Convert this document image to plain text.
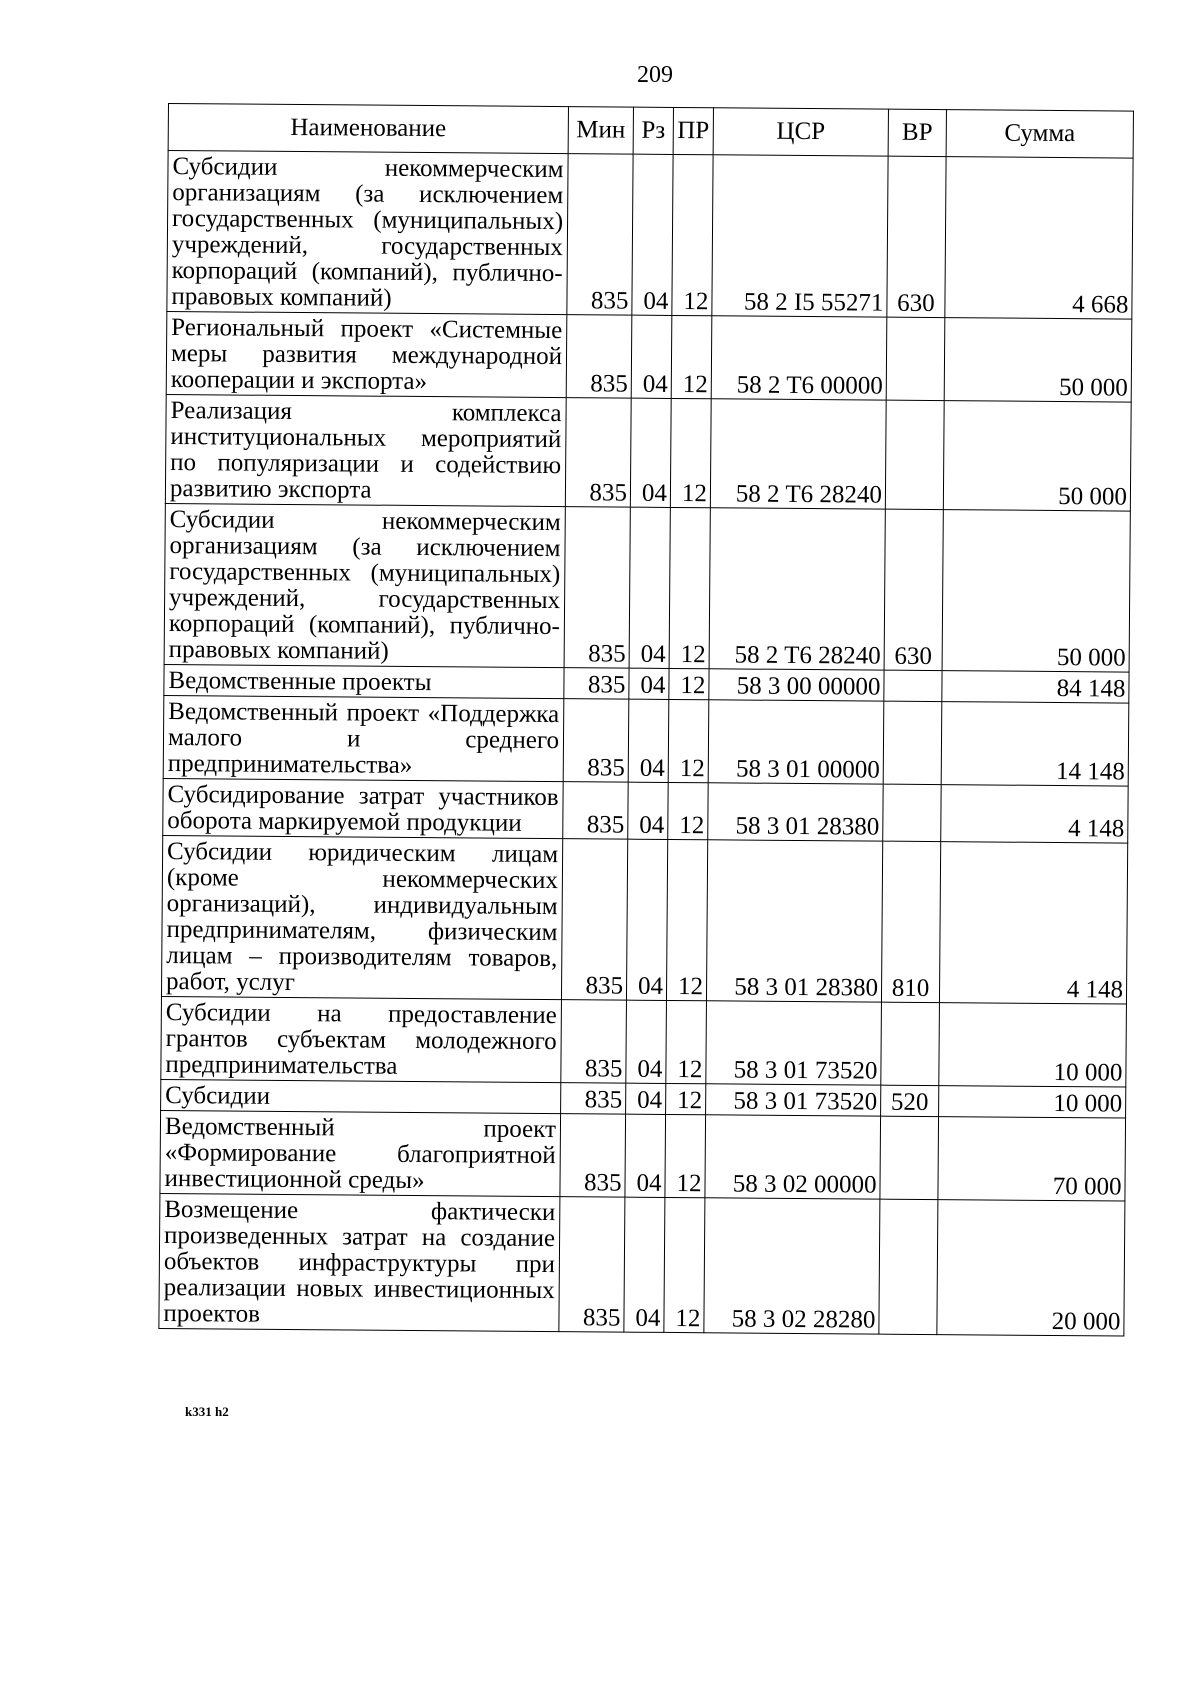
209
Наименование	Мин	Рз	ПР	ЦСР	ВР	Сумма
Субсидии некоммерческим организациям (за исключением государственных (муниципальных) учреждений, государственных корпораций (компаний), публично-правовых компаний)	835	04	12	58 2 I5 55271	630	4 668
Региональный проект «Системные меры развития международной кооперации и экспорта»	835	04	12	58 2 T6 00000		50 000
Реализация комплекса институциональных мероприятий по популяризации и содействию развитию экспорта	835	04	12	58 2 T6 28240		50 000
Субсидии некоммерческим организациям (за исключением государственных (муниципальных) учреждений, государственных корпораций (компаний), публично-правовых компаний)	835	04	12	58 2 T6 28240	630	50 000
Ведомственные проекты	835	04	12	58 3 00 00000		84 148
Ведомственный проект «Поддержка малого и среднего предпринимательства»	835	04	12	58 3 01 00000		14 148
Субсидирование затрат участников оборота маркируемой продукции	835	04	12	58 3 01 28380		4 148
Субсидии юридическим лицам (кроме некоммерческих организаций), индивидуальным предпринимателям, физическим лицам – производителям товаров, работ, услуг	835	04	12	58 3 01 28380	810	4 148
Субсидии на предоставление грантов субъектам молодежного предпринимательства	835	04	12	58 3 01 73520		10 000
Субсидии	835	04	12	58 3 01 73520	520	10 000
Ведомственный проект «Формирование благоприятной инвестиционной среды»	835	04	12	58 3 02 00000		70 000
Возмещение фактически произведенных затрат на создание объектов инфраструктуры при реализации новых инвестиционных проектов	835	04	12	58 3 02 28280		20 000
k331 h2
